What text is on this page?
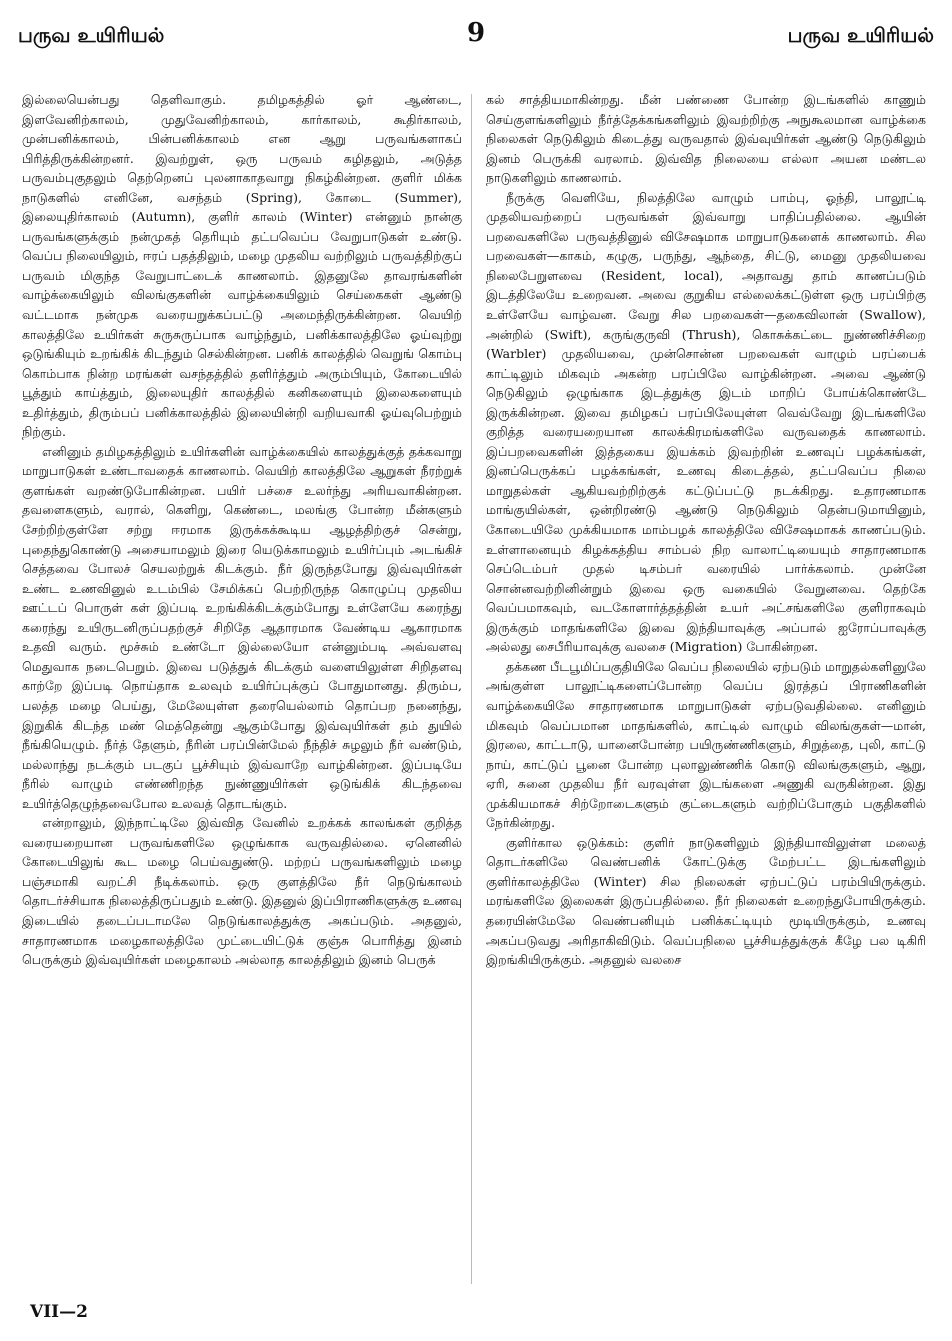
பருவ உயிரியல்	9	பருவ உயிரியல்

இல்லையென்பது தெளிவாகும். தமிழகத்தில் ஓர் ஆண்டை, இளவேனிற்காலம், முதுவேனிற்காலம், கார்காலம், கூதிர்காலம், முன்பனிக்காலம், பின்பனிக்காலம் என ஆறு பருவங்களாகப் பிரித்திருக்கின்றனர். இவற்றுள், ஒரு பருவம் கழிதலும், அடுத்த பருவம்புகுதலும் தெற்றெனப் புலனாகாதவாறு நிகழ்கின்றன. குளிர் மிக்க நாடுகளில் எனினே, வசந்தம் (Spring), கோடை (Summer), இலையுதிர்காலம் (Autumn), குளிர் காலம் (Winter) என்னும் நான்கு பருவங்களுக்கும் நன்முகத் தெரியும் தட்பவெப்ப வேறுபாடுகள் உண்டு. வெப்ப நிலையிலும், ஈரப் பதத்திலும், மழை முதலிய வற்றிலும் பருவத்திற்குப் பருவம் மிகுந்த வேறுபாட்டைக் காணலாம். இதனுலே தாவரங்களின் வாழ்க்கையிலும் விலங்குகளின் வாழ்க்கையிலும் செய்கைகள் ஆண்டு வட்டமாக நன்முக வரையறுக்கப்பட்டு அமைந்திருக்கின்றன. வெயிற் காலத்திலே உயிர்கள் சுருசுருப்பாக வாழ்ந்தும், பனிக்காலத்திலே ஓய்வுற்று ஒடுங்கியும் உறங்கிக் கிடந்தும் செல்கின்றன. பனிக் காலத்தில் வெறுங் கொம்பு கொம்பாக நின்ற மரங்கள் வசந்தத்தில் தளிர்த்தும் அரும்பியும், கோடையில் பூத்தும் காய்த்தும், இலையுதிர் காலத்தில் கனிகளையும் இலைகளையும் உதிர்த்தும், திரும்பப் பனிக்காலத்தில் இலையின்றி வறியவாகி ஓய்வுபெற்றும் நிற்கும்.

எனினும் தமிழகத்திலும் உயிர்களின் வாழ்க்கையில் காலத்துக்குத் தக்கவாறு மாறுபாடுகள் உண்டாவதைக் காணலாம். வெயிற் காலத்திலே ஆறுகள் நீரற்றுக் குளங்கள் வறண்டுபோகின்றன. பயிர் பச்சை உலர்ந்து அரியவாகின்றன. தவளைகளும், வரால், கெளிறு, கெண்டை, மலங்கு போன்ற மீன்களும் சேற்றிற்குள்ளே சற்று ஈரமாக இருக்கக்கூடிய ஆழத்திற்குச் சென்று, புதைந்துகொண்டு அசையாமலும் இரை யெடுக்காமலும் உயிர்ப்பும் அடங்கிச் செத்தவை போலச் செயலற்றுக் கிடக்கும். நீர் இருந்தபோது இவ்வுயிர்கள் உண்ட உணவினுல் உடம்பில் சேமிக்கப் பெற்றிருந்த கொழுப்பு முதலிய ஊட்டப் பொருள் கள் இப்படி உறங்கிக்கிடக்கும்போது உள்ளேயே கரைந்து கரைந்து உயிருடனிருப்பதற்குச் சிறிதே ஆதாரமாக வேண்டிய ஆகாரமாக உதவி வரும். மூச்சும் உண்டோ இல்லையோ என்னும்படி அவ்வளவு மெதுவாக நடைபெறும். இவை படுத்துக் கிடக்கும் வளையிலுள்ள சிறிதளவு காற்றே இப்படி நொய்தாக உலவும் உயிர்ப்புக்குப் போதுமானது. திரும்ப, பலத்த மழை பெய்து, மேலேயுள்ள தரையெல்லாம் தொப்பற நனைந்து, இறுகிக் கிடந்த மண் மெத்தென்று ஆகும்போது இவ்வுயிர்கள் தம் துயில் நீங்கியெழும். நீர்த் தேளும், நீரின் பரப்பின்மேல் நீந்திச் சுழலும் நீர் வண்டும், மல்லாந்து நடக்கும் படகுப் பூச்சியும் இவ்வாறே வாழ்கின்றன. இப்படியே நீரில் வாழும் எண்ணிறந்த நுண்ணுயிர்கள் ஒடுங்கிக் கிடந்தவை உயிர்த்தெழுந்தவைபோல உலவத் தொடங்கும்.

என்றாலும், இந்நாட்டிலே இவ்வித வேனில் உறக்கக் காலங்கள் குறித்த வரையறையான பருவங்களிலே ஒழுங்காக வருவதில்லை. ஏனெனில் கோடையிலுங் கூட மழை பெய்வதுண்டு. மற்றப் பருவங்களிலும் மழை பஞ்சமாகி வறட்சி நீடிக்கலாம். ஒரு குளத்திலே நீர் நெடுங்காலம் தொடர்ச்சியாக நிலைத்திருப்பதும் உண்டு. இதனுல் இப்பிராணிகளுக்கு உணவு இடையில் தடைப்படாமலே நெடுங்காலத்துக்கு அகப்படும். அதனுல், சாதாரணமாக மழைகாலத்திலே முட்டையிட்டுக் குஞ்சு பொரித்து இனம் பெருக்கும் இவ்வுயிர்கள் மழைகாலம் அல்லாத காலத்திலும் இனம் பெருக்

கல் சாத்தியமாகின்றது. மீன் பண்ணை போன்ற இடங்களில் காணும் செய்குளங்களிலும் நீர்த்தேக்கங்களிலும் இவற்றிற்கு அநுகூலமான வாழ்க்கை நிலைகள் நெடுகிலும் கிடைத்து வருவதால் இவ்வுயிர்கள் ஆண்டு நெடுகிலும் இனம் பெருக்கி வரலாம். இவ்வித நிலையை எல்லா அயன மண்டல நாடுகளிலும் காணலாம்.

நீருக்கு வெளியே, நிலத்திலே வாழும் பாம்பு, ஓந்தி, பாலூட்டி முதலியவற்றைப் பருவங்கள் இவ்வாறு பாதிப்பதில்லை. ஆயின் பறவைகளிலே பருவத்தினுல் விசேஷமாக மாறுபாடுகளைக் காணலாம். சில பறவைகள்—காகம், கழுகு, பருந்து, ஆந்தை, சிட்டு, மைனு முதலியவை நிலைபேறுளவை (Resident, local), அதாவது தாம் காணப்படும் இடத்திலேயே உறைவன. அவை குறுகிய எல்லைக்கட்டுள்ள ஒரு பரப்பிற்கு உள்ளேயே வாழ்வன. வேறு சில பறவைகள்—தகைவிலான் (Swallow), அன்றில் (Swift), கருங்குருவி (Thrush), கொசுக்கட்டை நுண்ணிச்சிறை (Warbler) முதலியவை, முன்சொன்ன பறவைகள் வாழும் பரப்பைக் காட்டிலும் மிகவும் அகன்ற பரப்பிலே வாழ்கின்றன. அவை ஆண்டு நெடுகிலும் ஒழுங்காக இடத்துக்கு இடம் மாறிப் போய்க்கொண்டே இருக்கின்றன. இவை தமிழகப் பரப்பிலேயுள்ள வெவ்வேறு இடங்களிலே குறித்த வரையறையான காலக்கிரமங்களிலே வருவதைக் காணலாம். இப்பறவைகளின் இத்தகைய இயக்கம் இவற்றின் உணவுப் பழக்கங்கள், இனப்பெருக்கப் பழக்கங்கள், உணவு கிடைத்தல், தட்பவெப்ப நிலை மாறுதல்கள் ஆகியவற்றிற்குக் கட்டுப்பட்டு நடக்கிறது. உதாரணமாக மாங்குயில்கள், ஒன்றிரண்டு ஆண்டு நெடுகிலும் தென்படுமாயினும், கோடையிலே முக்கியமாக மாம்பழக் காலத்திலே விசேஷமாகக் காணப்படும். உள்ளானையும் கிழக்கத்திய சாம்பல் நிற வாலாட்டியையும் சாதாரணமாக செப்டெம்பர் முதல் டிசம்பர் வரையில் பார்க்கலாம். முன்னே சொன்னவற்றினின்றும் இவை ஒரு வகையில் வேறுனவை. தெற்கே வெப்பமாகவும், வடகோளார்த்தத்தின் உயர் அட்சங்களிலே குளிராகவும் இருக்கும் மாதங்களிலே இவை இந்தியாவுக்கு அப்பால் ஐரோப்பாவுக்கு அல்லது சைபீரியாவுக்கு வலசை (Migration) போகின்றன.

தக்கண பீடபூமிப்பகுதியிலே வெப்ப நிலையில் ஏற்படும் மாறுதல்களினுலே அங்குள்ள பாலூட்டிகளைப்போன்ற வெப்ப இரத்தப் பிராணிகளின் வாழ்க்கையிலே சாதாரணமாக மாறுபாடுகள் ஏற்படுவதில்லை. எனினும் மிகவும் வெப்பமான மாதங்களில், காட்டில் வாழும் விலங்குகள்—மான், இரலை, காட்டாடு, யானைபோன்ற பயிருண்ணிகளும், சிறுத்தை, புலி, காட்டு நாய், காட்டுப் பூனை போன்ற புலாலுண்ணிக் கொடு விலங்குகளும், ஆறு, ஏரி, சுனை முதலிய நீர் வரவுள்ள இடங்களை அணுகி வருகின்றன. இது முக்கியமாகச் சிற்றோடைகளும் குட்டைகளும் வற்றிப்போகும் பகுதிகளில் நேர்கின்றது.

குளிர்கால ஒடுக்கம்: குளிர் நாடுகளிலும் இந்தியாவிலுள்ள மலைத் தொடர்களிலே வெண்பனிக் கோட்டுக்கு மேற்பட்ட இடங்களிலும் குளிர்காலத்திலே (Winter) சில நிலைகள் ஏற்பட்டுப் பரம்பியிருக்கும். மரங்களிலே இலைகள் இருப்பதில்லை. நீர் நிலைகள் உறைந்துபோயிருக்கும். தரையின்மேலே வெண்பனியும் பனிக்கட்டியும் மூடியிருக்கும், உணவு அகப்படுவது அரிதாகிவிடும். வெப்பநிலை பூச்சியத்துக்குக் கீழே பல டிகிரி இறங்கியிருக்கும். அதனுல் வலசை

VII—2
